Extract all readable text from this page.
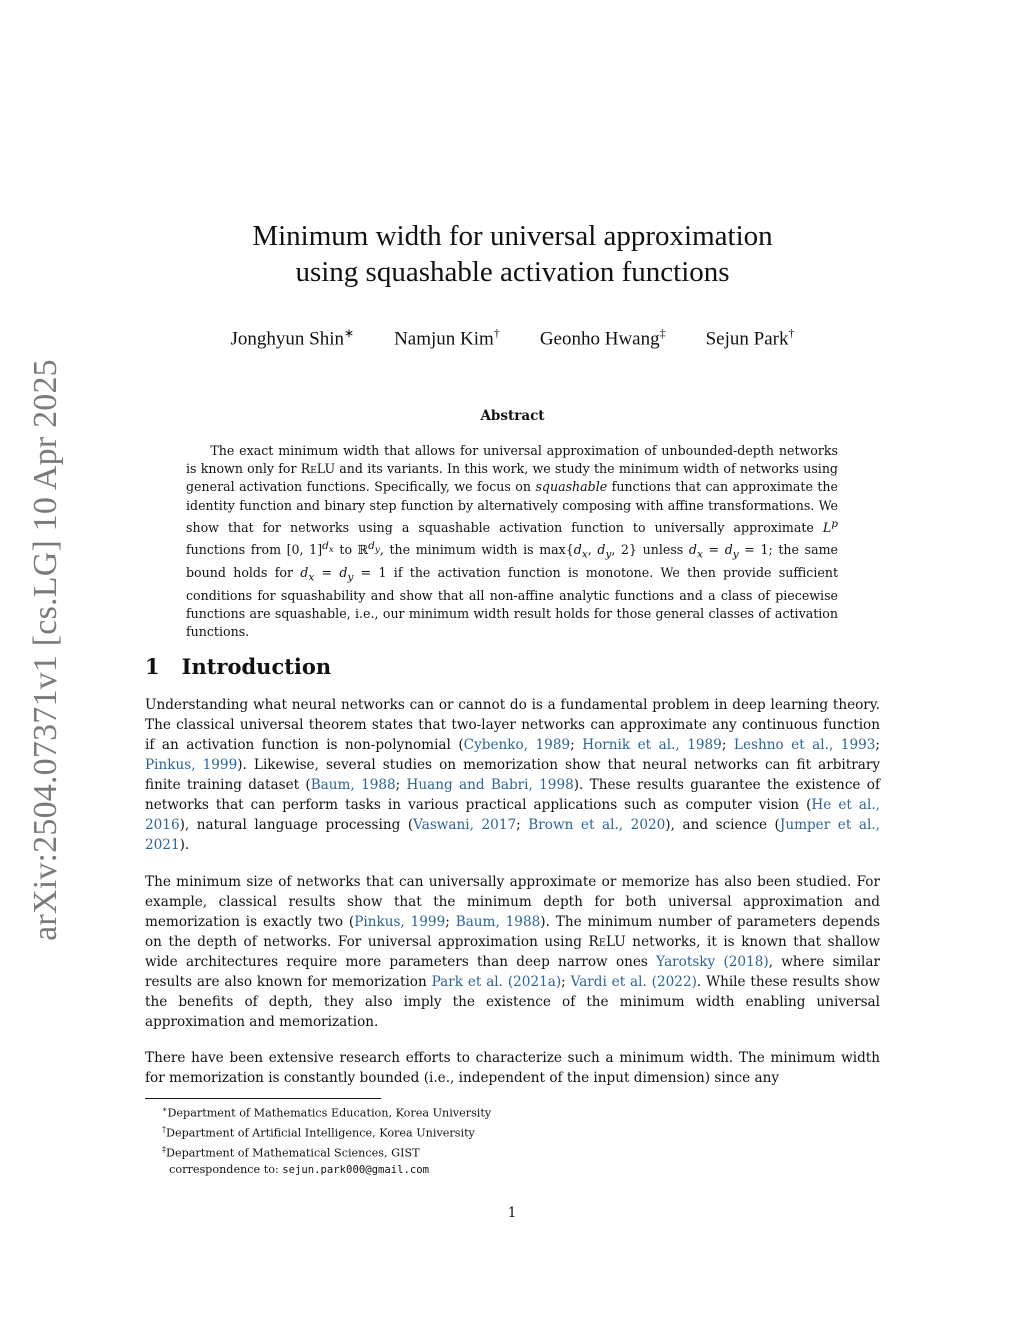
arXiv:2504.07371v1 [cs.LG] 10 Apr 2025
Minimum width for universal approximation
using squashable activation functions
Jonghyun Shin∗ Namjun Kim† Geonho Hwang‡ Sejun Park†
Abstract

The exact minimum width that allows for universal approximation of unbounded-depth networks is known only for ReLU and its variants. In this work, we study the minimum width of networks using general activation functions. Specifically, we focus on squashable functions that can approximate the identity function and binary step function by alternatively composing with affine transformations. We show that for networks using a squashable activation function to universally approximate $L^p$ functions from [0, 1]$^{d_x}$ to ℝ$^{d_y}$, the minimum width is $\max\{d_x$, $d_y$, 2} unless $d_x = d_y = 1$; the same bound holds for $d_x = d_y = 1$ if the activation function is monotone. We then provide sufficient conditions for squashability and show that all non-affine analytic functions and a class of piecewise functions are squashable, i.e., our minimum width result holds for those general classes of activation functions.

1 Introduction

Understanding what neural networks can or cannot do is a fundamental problem in deep learning theory. The classical universal theorem states that two-layer networks can approximate any continuous function if an activation function is non-polynomial (Cybenko, 1989; Hornik et al., 1989; Leshno et al., 1993; Pinkus, 1999). Likewise, several studies on memorization show that neural networks can fit arbitrary finite training dataset (Baum, 1988; Huang and Babri, 1998). These results guarantee the existence of networks that can perform tasks in various practical applications such as computer vision (He et al., 2016), natural language processing (Vaswani, 2017; Brown et al., 2020), and science (Jumper et al., 2021).

The minimum size of networks that can universally approximate or memorize has also been studied. For example, classical results show that the minimum depth for both universal approximation and memorization is exactly two (Pinkus, 1999; Baum, 1988). The minimum number of parameters depends on the depth of networks. For universal approximation using ReLU networks, it is known that shallow wide architectures require more parameters than deep narrow ones Yarotsky (2018), where similar results are also known for memorization Park et al. (2021a); Vardi et al. (2022). While these results show the benefits of depth, they also imply the existence of the minimum width enabling universal approximation and memorization.

There have been extensive research efforts to characterize such a minimum width. The minimum width for memorization is constantly bounded (i.e., independent of the input dimension) since any

∗Department of Mathematics Education, Korea University
†Department of Artificial Intelligence, Korea University
‡Department of Mathematical Sciences, GIST
correspondence to: sejun.park000@gmail.com
1
